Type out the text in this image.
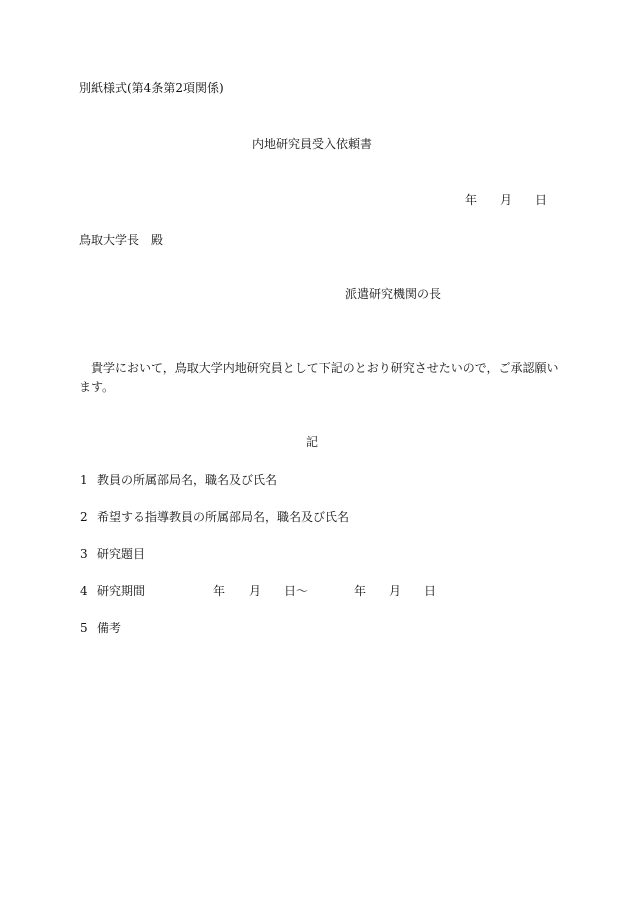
別紙様式(第4条第2項関係)
内地研究員受入依頼書
年 月 日
鳥取大学長　殿
派遣研究機関の長
貴学において，鳥取大学内地研究員として下記のとおり研究させたいので，ご承認願い
ます。
記
1 教員の所属部局名，職名及び氏名
2 希望する指導教員の所属部局名，職名及び氏名
3 研究題目
4 研究期間	年 月 日〜	年 月 日
5 備考
